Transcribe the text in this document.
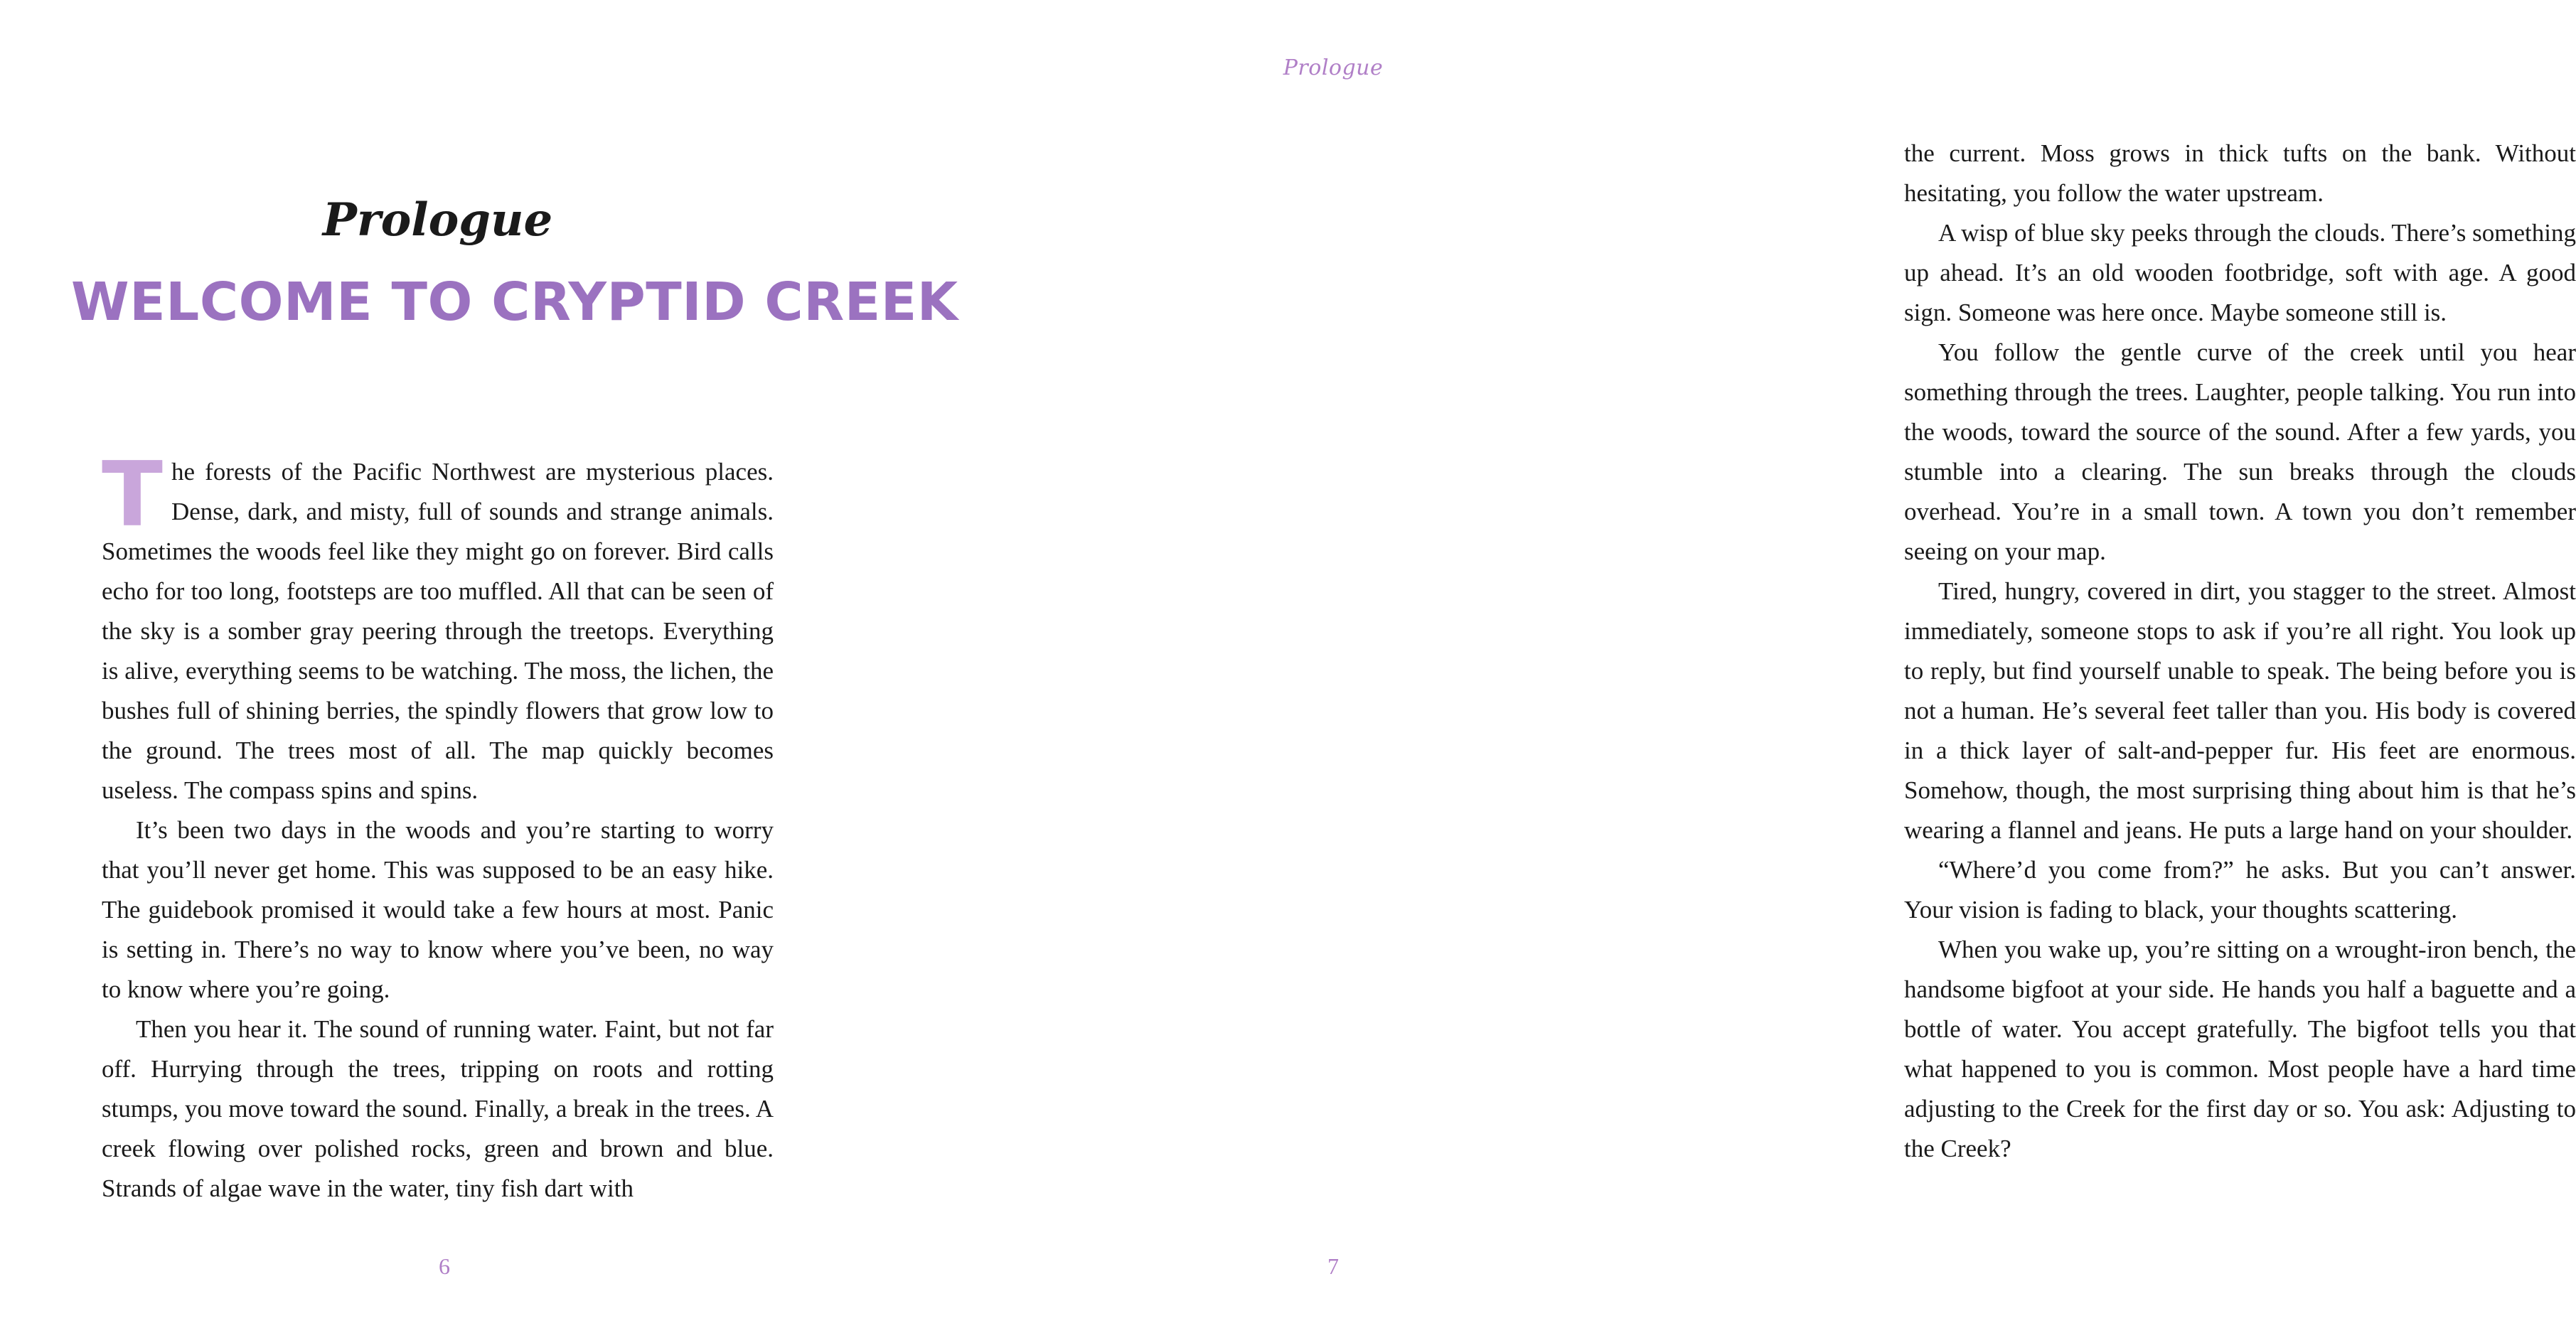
Prologue
WELCOME TO CRYPTID CREEK

The forests of the Pacific Northwest are mysterious places. Dense, dark, and misty, full of sounds and strange animals. Sometimes the woods feel like they might go on forever. Bird calls echo for too long, footsteps are too muffled. All that can be seen of the sky is a somber gray peering through the treetops. Everything is alive, everything seems to be watching. The moss, the lichen, the bushes full of shining berries, the spindly flowers that grow low to the ground. The trees most of all. The map quickly becomes useless. The compass spins and spins.

It’s been two days in the woods and you’re starting to worry that you’ll never get home. This was supposed to be an easy hike. The guidebook promised it would take a few hours at most. Panic is setting in. There’s no way to know where you’ve been, no way to know where you’re going.

Then you hear it. The sound of running water. Faint, but not far off. Hurrying through the trees, tripping on roots and rotting stumps, you move toward the sound. Finally, a break in the trees. A creek flowing over polished rocks, green and brown and blue. Strands of algae wave in the water, tiny fish dart with

6
Prologue

the current. Moss grows in thick tufts on the bank. Without hesitating, you follow the water upstream.

A wisp of blue sky peeks through the clouds. There’s something up ahead. It’s an old wooden footbridge, soft with age. A good sign. Someone was here once. Maybe someone still is.

You follow the gentle curve of the creek until you hear something through the trees. Laughter, people talking. You run into the woods, toward the source of the sound. After a few yards, you stumble into a clearing. The sun breaks through the clouds overhead. You’re in a small town. A town you don’t remember seeing on your map.

Tired, hungry, covered in dirt, you stagger to the street. Almost immediately, someone stops to ask if you’re all right. You look up to reply, but find yourself unable to speak. The being before you is not a human. He’s several feet taller than you. His body is covered in a thick layer of salt-and-pepper fur. His feet are enormous. Somehow, though, the most surprising thing about him is that he’s wearing a flannel and jeans. He puts a large hand on your shoulder.

“Where’d you come from?” he asks. But you can’t answer. Your vision is fading to black, your thoughts scattering.

When you wake up, you’re sitting on a wrought-iron bench, the handsome bigfoot at your side. He hands you half a baguette and a bottle of water. You accept gratefully. The bigfoot tells you that what happened to you is common. Most people have a hard time adjusting to the Creek for the first day or so. You ask: Adjusting to the Creek?

7
